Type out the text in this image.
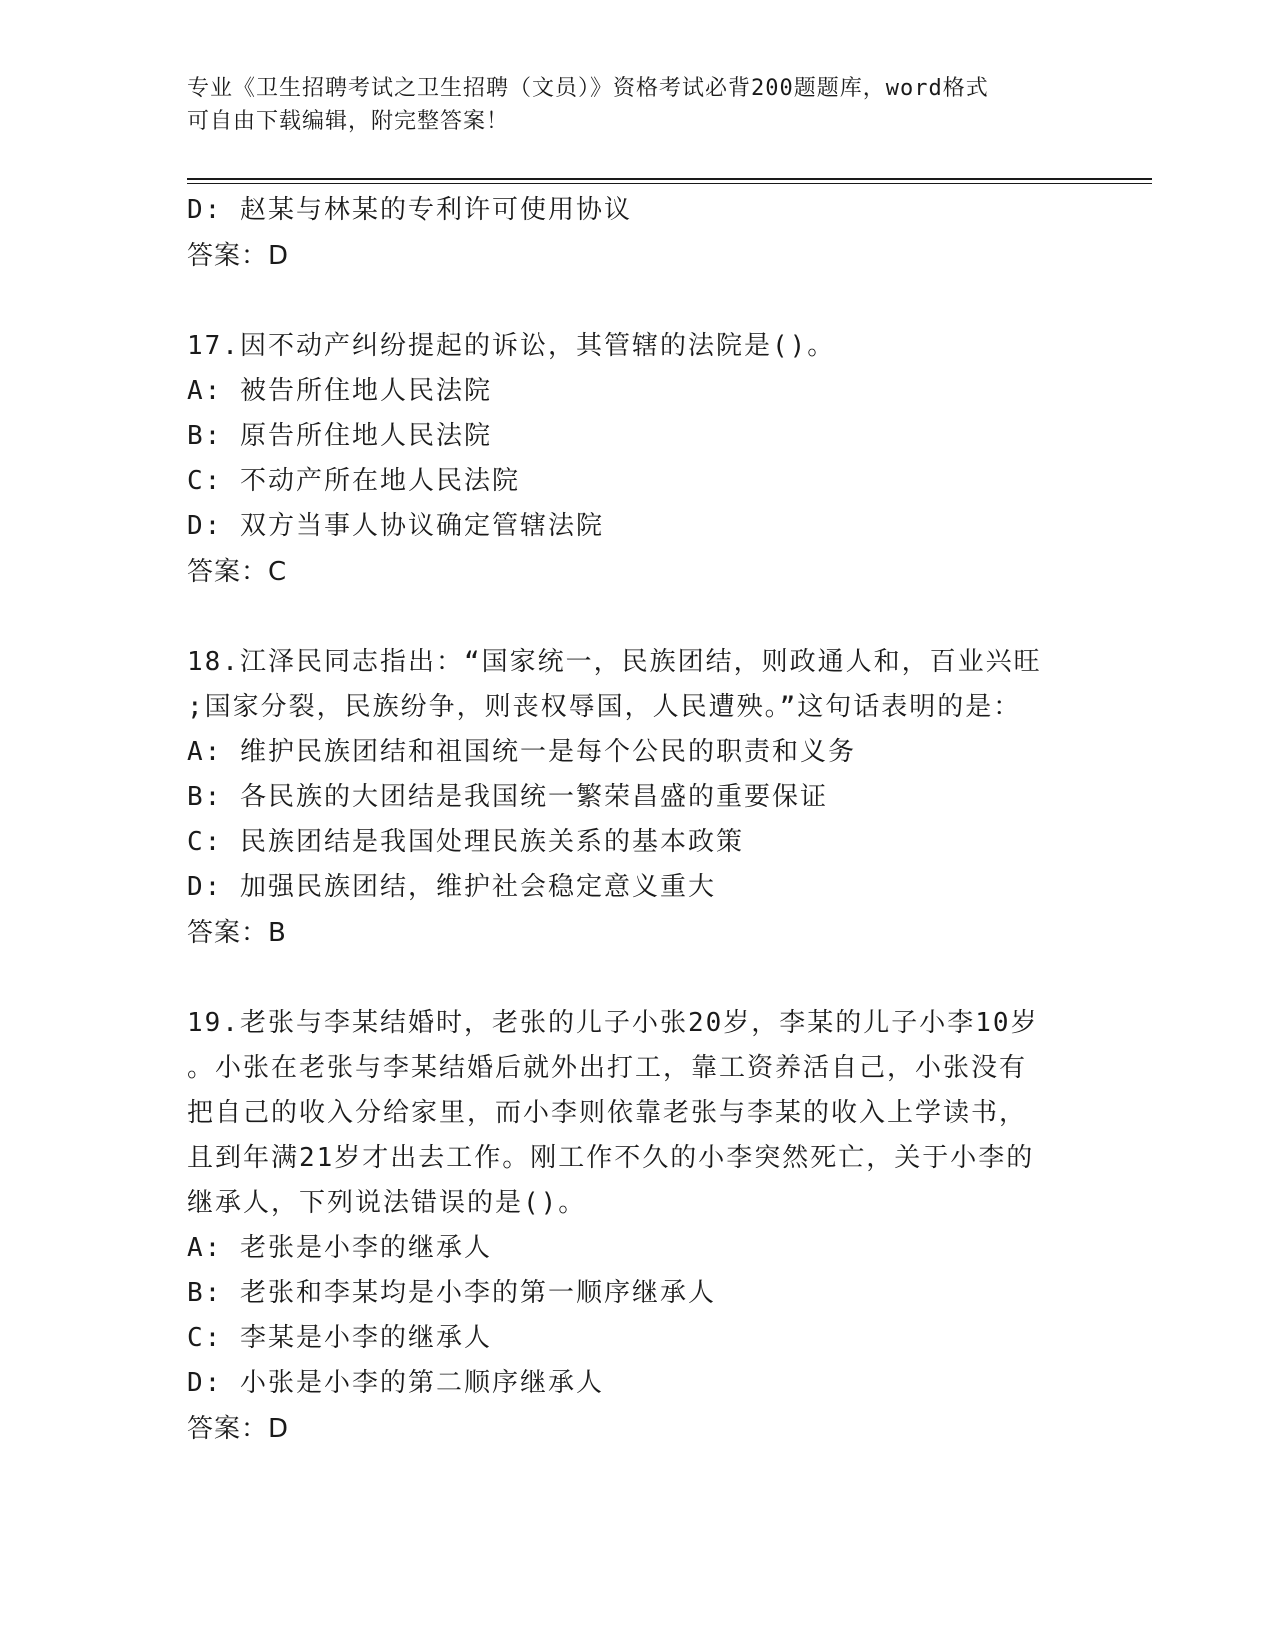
专业《卫生招聘考试之卫生招聘（文员）》资格考试必背200题题库，word格式
可自由下载编辑，附完整答案！
D: 赵某与林某的专利许可使用协议
答案：D
17.因不动产纠纷提起的诉讼，其管辖的法院是()。
A: 被告所住地人民法院
B: 原告所住地人民法院
C: 不动产所在地人民法院
D: 双方当事人协议确定管辖法院
答案：C
18.江泽民同志指出：“国家统一，民族团结，则政通人和，百业兴旺
;国家分裂，民族纷争，则丧权辱国，人民遭殃。”这句话表明的是：
A: 维护民族团结和祖国统一是每个公民的职责和义务
B: 各民族的大团结是我国统一繁荣昌盛的重要保证
C: 民族团结是我国处理民族关系的基本政策
D: 加强民族团结，维护社会稳定意义重大
答案：B
19.老张与李某结婚时，老张的儿子小张20岁，李某的儿子小李10岁
。小张在老张与李某结婚后就外出打工，靠工资养活自己，小张没有
把自己的收入分给家里，而小李则依靠老张与李某的收入上学读书，
且到年满21岁才出去工作。刚工作不久的小李突然死亡，关于小李的
继承人，下列说法错误的是()。
A: 老张是小李的继承人
B: 老张和李某均是小李的第一顺序继承人
C: 李某是小李的继承人
D: 小张是小李的第二顺序继承人
答案：D
